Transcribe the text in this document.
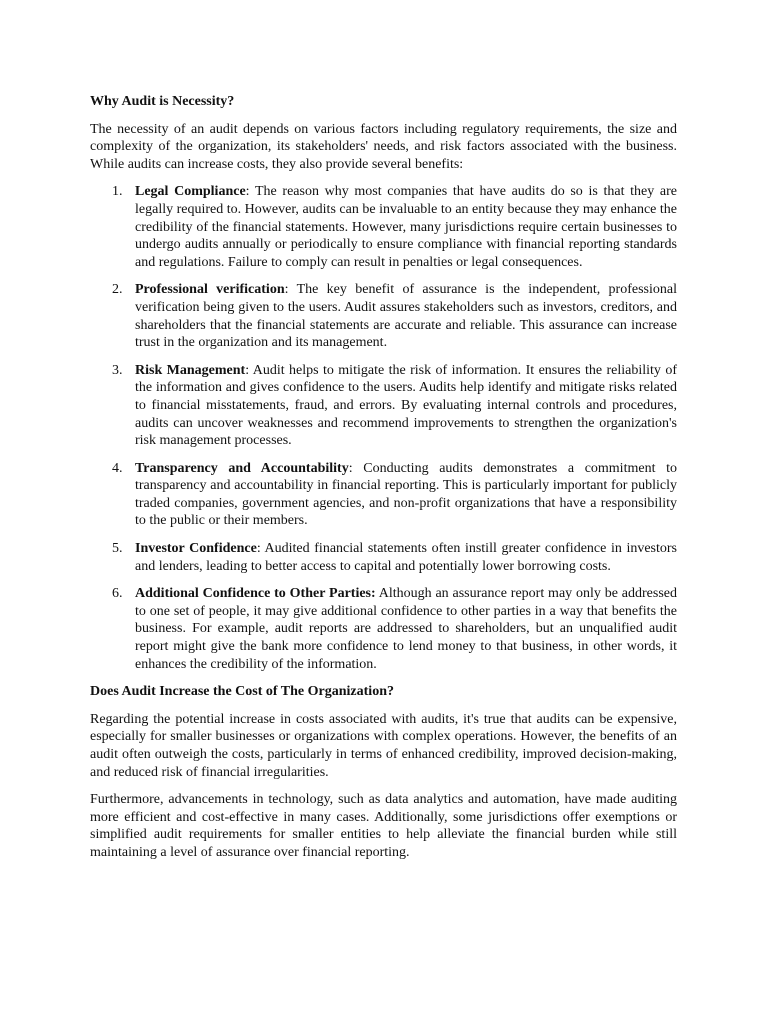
Why Audit is Necessity?

The necessity of an audit depends on various factors including regulatory requirements, the size and complexity of the organization, its stakeholders' needs, and risk factors associated with the business. While audits can increase costs, they also provide several benefits:

1. Legal Compliance: The reason why most companies that have audits do so is that they are legally required to. However, audits can be invaluable to an entity because they may enhance the credibility of the financial statements. However, many jurisdictions require certain businesses to undergo audits annually or periodically to ensure compliance with financial reporting standards and regulations. Failure to comply can result in penalties or legal consequences.
2. Professional verification: The key benefit of assurance is the independent, professional verification being given to the users. Audit assures stakeholders such as investors, creditors, and shareholders that the financial statements are accurate and reliable. This assurance can increase trust in the organization and its management.
3. Risk Management: Audit helps to mitigate the risk of information. It ensures the reliability of the information and gives confidence to the users. Audits help identify and mitigate risks related to financial misstatements, fraud, and errors. By evaluating internal controls and procedures, audits can uncover weaknesses and recommend improvements to strengthen the organization's risk management processes.
4. Transparency and Accountability: Conducting audits demonstrates a commitment to transparency and accountability in financial reporting. This is particularly important for publicly traded companies, government agencies, and non-profit organizations that have a responsibility to the public or their members.
5. Investor Confidence: Audited financial statements often instill greater confidence in investors and lenders, leading to better access to capital and potentially lower borrowing costs.
6. Additional Confidence to Other Parties: Although an assurance report may only be addressed to one set of people, it may give additional confidence to other parties in a way that benefits the business. For example, audit reports are addressed to shareholders, but an unqualified audit report might give the bank more confidence to lend money to that business, in other words, it enhances the credibility of the information.
Does Audit Increase the Cost of The Organization?

Regarding the potential increase in costs associated with audits, it's true that audits can be expensive, especially for smaller businesses or organizations with complex operations. However, the benefits of an audit often outweigh the costs, particularly in terms of enhanced credibility, improved decision-making, and reduced risk of financial irregularities.

Furthermore, advancements in technology, such as data analytics and automation, have made auditing more efficient and cost-effective in many cases. Additionally, some jurisdictions offer exemptions or simplified audit requirements for smaller entities to help alleviate the financial burden while still maintaining a level of assurance over financial reporting.
